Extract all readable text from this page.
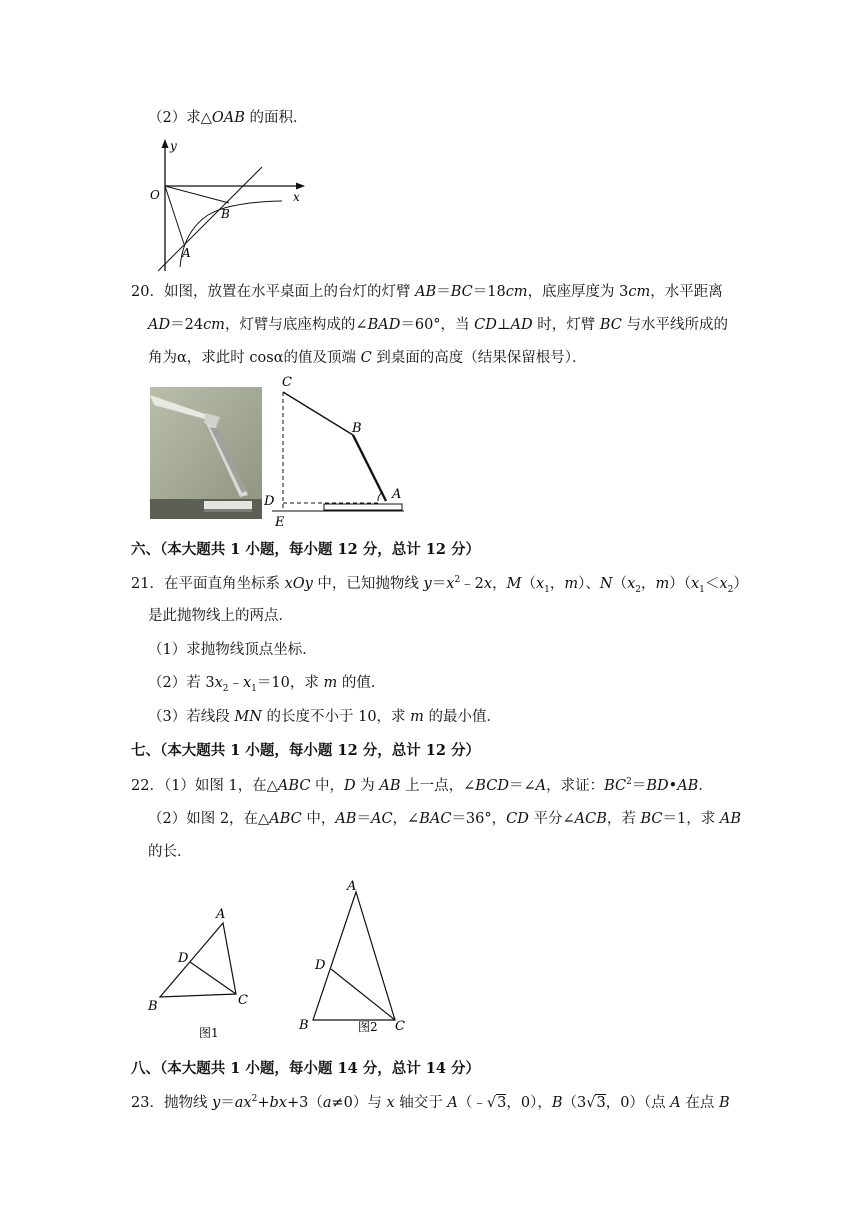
（2）求△OAB 的面积．
y
x
O
B
A
20．如图，放置在水平桌面上的台灯的灯臂 AB＝BC＝18cm，底座厚度为 3cm，水平距离
AD＝24cm，灯臂与底座构成的∠BAD＝60°，当 CD⊥AD 时，灯臂 BC 与水平线所成的
角为α，求此时 cosα的值及顶端 C 到桌面的高度（结果保留根号）．
C
B
A
D
E
六、（本大题共 1 小题，每小题 12 分，总计 12 分）
21．在平面直角坐标系 xOy 中，已知抛物线 $y=x^2﹣2x$，$M(x_1$，m）、$N(x_2$，$m)(x_1<x_2)$
是此抛物线上的两点．
（1）求抛物线顶点坐标．
（2）若 $3x_2﹣x_1=10$，求 m 的值．
（3）若线段 MN 的长度不小于 10，求 m 的最小值．
七、（本大题共 1 小题，每小题 12 分，总计 12 分）
22．（1）如图 1，在△ABC 中，D 为 AB 上一点，∠BCD＝∠A，求证：$BC^2=BD•AB$．
（2）如图 2，在△ABC 中，AB＝AC，∠BAC＝36°，CD 平分∠ACB，若 BC＝1，求 AB
的长．
A
D
B	C
图1
A
D
B	C
图2
八、（本大题共 1 小题，每小题 14 分，总计 14 分）
23．抛物线 $y=ax^2+bx+3(a\ne 0)$与 x 轴交于 A（﹣√3，0），B（3√3，0）（点 A 在点 B
